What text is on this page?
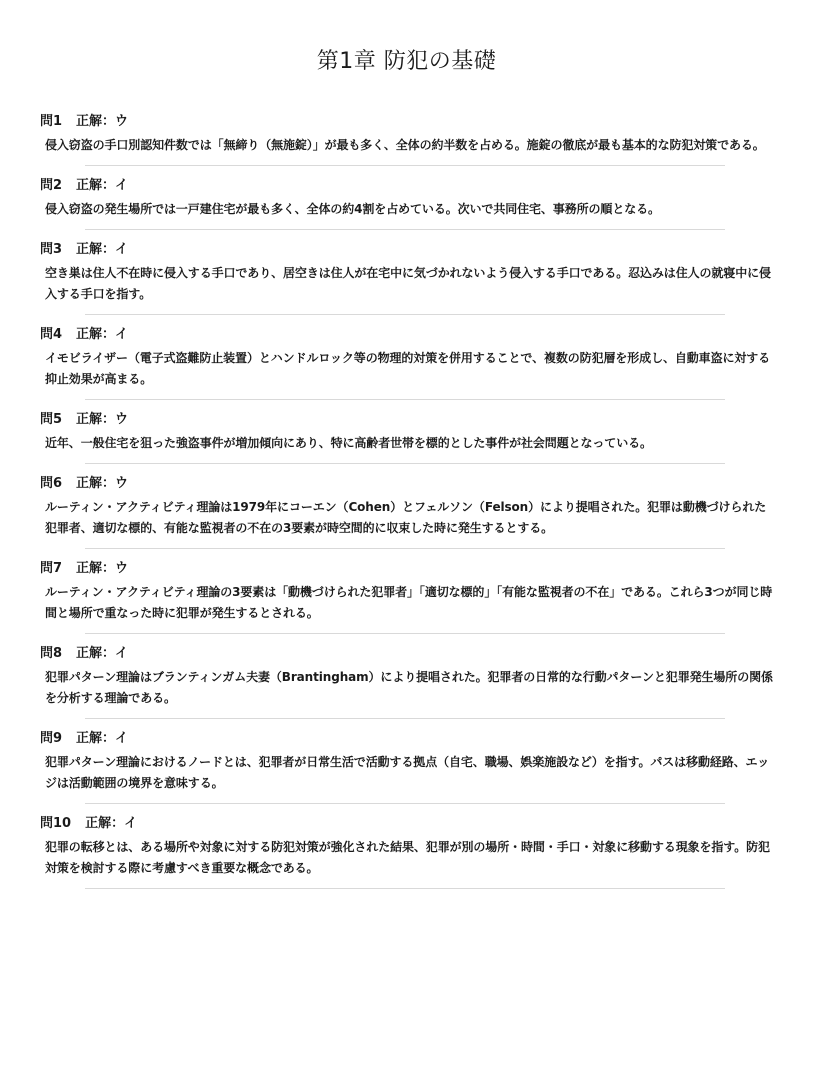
第1章 防犯の基礎
問1 正解：ウ
侵入窃盗の手口別認知件数では「無締り（無施錠）」が最も多く、全体の約半数を占める。施錠の徹底が最も基本的な防犯対策である。
問2 正解：イ
侵入窃盗の発生場所では一戸建住宅が最も多く、全体の約4割を占めている。次いで共同住宅、事務所の順となる。
問3 正解：イ
空き巣は住人不在時に侵入する手口であり、居空きは住人が在宅中に気づかれないよう侵入する手口である。忍込みは住人の就寝中に侵入する手口を指す。
問4 正解：イ
イモビライザー（電子式盗難防止装置）とハンドルロック等の物理的対策を併用することで、複数の防犯層を形成し、自動車盗に対する抑止効果が高まる。
問5 正解：ウ
近年、一般住宅を狙った強盗事件が増加傾向にあり、特に高齢者世帯を標的とした事件が社会問題となっている。
問6 正解：ウ
ルーティン・アクティビティ理論は1979年にコーエン（Cohen）とフェルソン（Felson）により提唱された。犯罪は動機づけられた犯罪者、適切な標的、有能な監視者の不在の3要素が時空間的に収束した時に発生するとする。
問7 正解：ウ
ルーティン・アクティビティ理論の3要素は「動機づけられた犯罪者」「適切な標的」「有能な監視者の不在」である。これら3つが同じ時間と場所で重なった時に犯罪が発生するとされる。
問8 正解：イ
犯罪パターン理論はブランティンガム夫妻（Brantingham）により提唱された。犯罪者の日常的な行動パターンと犯罪発生場所の関係を分析する理論である。
問9 正解：イ
犯罪パターン理論におけるノードとは、犯罪者が日常生活で活動する拠点（自宅、職場、娯楽施設など）を指す。パスは移動経路、エッジは活動範囲の境界を意味する。
問10 正解：イ
犯罪の転移とは、ある場所や対象に対する防犯対策が強化された結果、犯罪が別の場所・時間・手口・対象に移動する現象を指す。防犯対策を検討する際に考慮すべき重要な概念である。
